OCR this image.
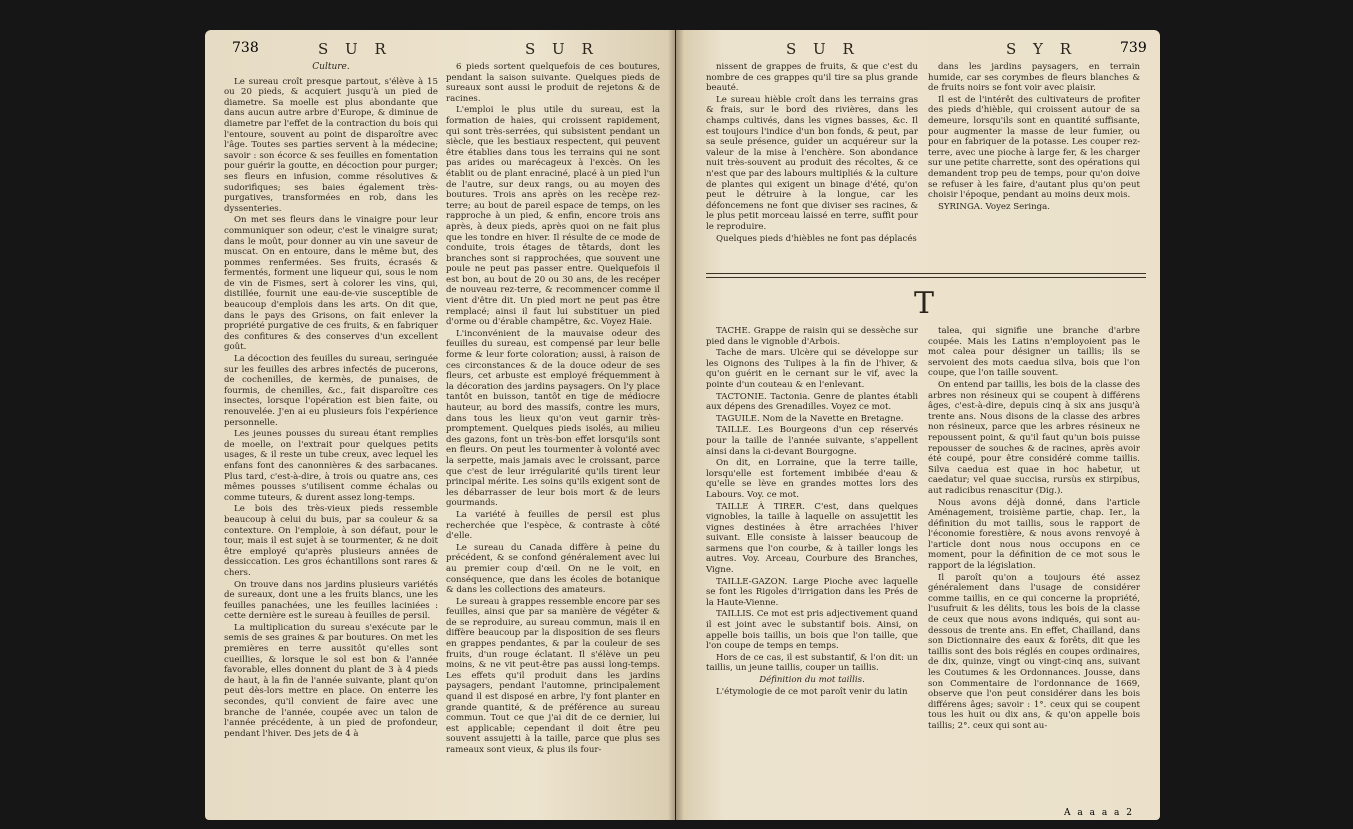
738	S U R	S U R	S U R	S Y R	739
Culture.

Le sureau croît presque partout, s'élève à 15 ou 20 pieds, & acquiert jusqu'à un pied de diametre. Sa moelle est plus abondante que dans aucun autre arbre d'Europe, & diminue de diametre par l'effet de la contraction du bois qui l'entoure, souvent au point de disparoître avec l'âge. Toutes ses parties servent à la médecine; savoir : son écorce & ses feuilles en fomentation pour guérir la goutte, en décoction pour purger; ses fleurs en infusion, comme résolutives & sudorifiques; ses baies également très-purgatives, transformées en rob, dans les dyssenteries.

On met ses fleurs dans le vinaigre pour leur communiquer son odeur, c'est le vinaigre surat; dans le moût, pour donner au vin une saveur de muscat. On en entoure, dans le même but, des pommes renfermées. Ses fruits, écrasés & fermentés, forment une liqueur qui, sous le nom de vin de Fismes, sert à colorer les vins, qui, distillée, fournit une eau-de-vie susceptible de beaucoup d'emplois dans les arts. On dit que, dans le pays des Grisons, on fait enlever la propriété purgative de ces fruits, & en fabriquer des confitures & des conserves d'un excellent goût.

La décoction des feuilles du sureau, seringuée sur les feuilles des arbres infectés de pucerons, de cochenilles, de kermès, de punaises, de fourmis, de chenilles, &c., fait disparoître ces insectes, lorsque l'opération est bien faite, ou renouvelée. J'en ai eu plusieurs fois l'expérience personnelle.

Les jeunes pousses du sureau étant remplies de moelle, on l'extrait pour quelques petits usages, & il reste un tube creux, avec lequel les enfans font des canonnières & des sarbacanes. Plus tard, c'est-à-dire, à trois ou quatre ans, ces mêmes pousses s'utilisent comme échalas ou comme tuteurs, & durent assez long-temps.

Le bois des très-vieux pieds ressemble beaucoup à celui du buis, par sa couleur & sa contexture. On l'emploie, à son défaut, pour le tour, mais il est sujet à se tourmenter, & ne doit être employé qu'après plusieurs années de dessiccation. Les gros échantillons sont rares & chers.

On trouve dans nos jardins plusieurs variétés de sureaux, dont une a les fruits blancs, une les feuilles panachées, une les feuilles laciniées : cette dernière est le sureau à feuilles de persil.

La multiplication du sureau s'exécute par le semis de ses graines & par boutures. On met les premières en terre aussitôt qu'elles sont cueillies, & lorsque le sol est bon & l'année favorable, elles donnent du plant de 3 à 4 pieds de haut, à la fin de l'année suivante, plant qu'on peut dès-lors mettre en place. On enterre les secondes, qu'il convient de faire avec une branche de l'année, coupée avec un talon de l'année précédente, à un pied de profondeur, pendant l'hiver. Des jets de 4 à

6 pieds sortent quelquefois de ces boutures, pendant la saison suivante. Quelques pieds de sureaux sont aussi le produit de rejetons & de racines.

L'emploi le plus utile du sureau, est la formation de haies, qui croissent rapidement, qui sont très-serrées, qui subsistent pendant un siècle, que les bestiaux respectent, qui peuvent être établies dans tous les terrains qui ne sont pas arides ou marécageux à l'excès. On les établit ou de plant enraciné, placé à un pied l'un de l'autre, sur deux rangs, ou au moyen des boutures. Trois ans après on les recèpe rez-terre; au bout de pareil espace de temps, on les rapproche à un pied, & enfin, encore trois ans après, à deux pieds, après quoi on ne fait plus que les tondre en hiver. Il résulte de ce mode de conduite, trois étages de têtards, dont les branches sont si rapprochées, que souvent une poule ne peut pas passer entre. Quelquefois il est bon, au bout de 20 ou 30 ans, de les recéper de nouveau rez-terre, & recommencer comme il vient d'être dit. Un pied mort ne peut pas être remplacé; ainsi il faut lui substituer un pied d'orme ou d'érable champêtre, &c. Voyez Haie.

L'inconvénient de la mauvaise odeur des feuilles du sureau, est compensé par leur belle forme & leur forte coloration; aussi, à raison de ces circonstances & de la douce odeur de ses fleurs, cet arbuste est employé fréquemment à la décoration des jardins paysagers. On l'y place tantôt en buisson, tantôt en tige de médiocre hauteur, au bord des massifs, contre les murs, dans tous les lieux qu'on veut garnir très-promptement. Quelques pieds isolés, au milieu des gazons, font un très-bon effet lorsqu'ils sont en fleurs. On peut les tourmenter à volonté avec la serpette, mais jamais avec le croissant, parce que c'est de leur irrégularité qu'ils tirent leur principal mérite. Les soins qu'ils exigent sont de les débarrasser de leur bois mort & de leurs gourmands.

La variété à feuilles de persil est plus recherchée que l'espèce, & contraste à côté d'elle.

Le sureau du Canada diffère à peine du précédent, & se confond généralement avec lui au premier coup d'œil. On ne le voit, en conséquence, que dans les écoles de botanique & dans les collections des amateurs.

Le sureau à grappes ressemble encore par ses feuilles, ainsi que par sa manière de végéter & de se reproduire, au sureau commun, mais il en diffère beaucoup par la disposition de ses fleurs en grappes pendantes, & par la couleur de ses fruits, d'un rouge éclatant. Il s'élève un peu moins, & ne vit peut-être pas aussi long-temps. Les effets qu'il produit dans les jardins paysagers, pendant l'automne, principalement quand il est disposé en arbre, l'y font planter en grande quantité, & de préférence au sureau commun. Tout ce que j'ai dit de ce dernier, lui est applicable; cependant il doit être peu souvent assujetti à la taille, parce que plus ses rameaux sont vieux, & plus ils four-

nissent de grappes de fruits, & que c'est du nombre de ces grappes qu'il tire sa plus grande beauté.

Le sureau hièble croît dans les terrains gras & frais, sur le bord des rivières, dans les champs cultivés, dans les vignes basses, &c. Il est toujours l'indice d'un bon fonds, & peut, par sa seule présence, guider un acquéreur sur la valeur de la mise à l'enchère. Son abondance nuit très-souvent au produit des récoltes, & ce n'est que par des labours multipliés & la culture de plantes qui exigent un binage d'été, qu'on peut le détruire à la longue, car les défoncemens ne font que diviser ses racines, & le plus petit morceau laissé en terre, suffit pour le reproduire.

Quelques pieds d'hièbles ne font pas déplacés

dans les jardins paysagers, en terrain humide, car ses corymbes de fleurs blanches & de fruits noirs se font voir avec plaisir.

Il est de l'intérêt des cultivateurs de profiter des pieds d'hièble, qui croissent autour de sa demeure, lorsqu'ils sont en quantité suffisante, pour augmenter la masse de leur fumier, ou pour en fabriquer de la potasse. Les couper rez-terre, avec une pioche à large fer, & les charger sur une petite charrette, sont des opérations qui demandent trop peu de temps, pour qu'on doive se refuser à les faire, d'autant plus qu'on peut choisir l'époque, pendant au moins deux mois.

SYRINGA. Voyez Seringa.

T

TACHE. Grappe de raisin qui se dessèche sur pied dans le vignoble d'Arbois.

Tache de mars. Ulcère qui se développe sur les Oignons des Tulipes à la fin de l'hiver, & qu'on guérit en le cernant sur le vif, avec la pointe d'un couteau & en l'enlevant.

TACTONIE. Tactonia. Genre de plantes établi aux dépens des Grenadilles. Voyez ce mot.

TAGUILE. Nom de la Navette en Bretagne.

TAILLE. Les Bourgeons d'un cep réservés pour la taille de l'année suivante, s'appellent ainsi dans la ci-devant Bourgogne.

On dit, en Lorraine, que la terre taille, lorsqu'elle est fortement imbibée d'eau & qu'elle se lève en grandes mottes lors des Labours. Voy. ce mot.

TAILLE À TIRER. C'est, dans quelques vignobles, la taille à laquelle on assujettit les vignes destinées à être arrachées l'hiver suivant. Elle consiste à laisser beaucoup de sarmens que l'on courbe, & à tailler longs les autres. Voy. Arceau, Courbure des Branches, Vigne.

TAILLE-GAZON. Large Pioche avec laquelle se font les Rigoles d'irrigation dans les Prés de la Haute-Vienne.

TAILLIS. Ce mot est pris adjectivement quand il est joint avec le substantif bois. Ainsi, on appelle bois taillis, un bois que l'on taille, que l'on coupe de temps en temps.

Hors de ce cas, il est substantif, & l'on dit: un taillis, un jeune taillis, couper un taillis.

Définition du mot taillis.

L'étymologie de ce mot paroît venir du latin

talea, qui signifie une branche d'arbre coupée. Mais les Latins n'employoient pas le mot calea pour désigner un taillis; ils se servoient des mots caedua silva, bois que l'on coupe, que l'on taille souvent.

On entend par taillis, les bois de la classe des arbres non résineux qui se coupent à différens âges, c'est-à-dire, depuis cinq à six ans jusqu'à trente ans. Nous disons de la classe des arbres non résineux, parce que les arbres résineux ne repoussent point, & qu'il faut qu'un bois puisse repousser de souches & de racines, après avoir été coupé, pour être considéré comme taillis. Silva caedua est quae in hoc habetur, ut caedatur; vel quae succisa, rursùs ex stirpibus, aut radicibus renascitur (Dig.).

Nous avons déjà donné, dans l'article Aménagement, troisième partie, chap. Ier., la définition du mot taillis, sous le rapport de l'économie forestière, & nous avons renvoyé à l'article dont nous nous occupons en ce moment, pour la définition de ce mot sous le rapport de la législation.

Il paroît qu'on a toujours été assez généralement dans l'usage de considérer comme taillis, en ce qui concerne la propriété, l'usufruit & les délits, tous les bois de la classe de ceux que nous avons indiqués, qui sont au-dessous de trente ans. En effet, Chailland, dans son Dictionnaire des eaux & forêts, dit que les taillis sont des bois réglés en coupes ordinaires, de dix, quinze, vingt ou vingt-cinq ans, suivant les Coutumes & les Ordonnances. Jousse, dans son Commentaire de l'ordonnance de 1669, observe que l'on peut considérer dans les bois différens âges; savoir : 1°. ceux qui se coupent tous les huit ou dix ans, & qu'on appelle bois taillis; 2°. ceux qui sont au-

A a a a a 2
